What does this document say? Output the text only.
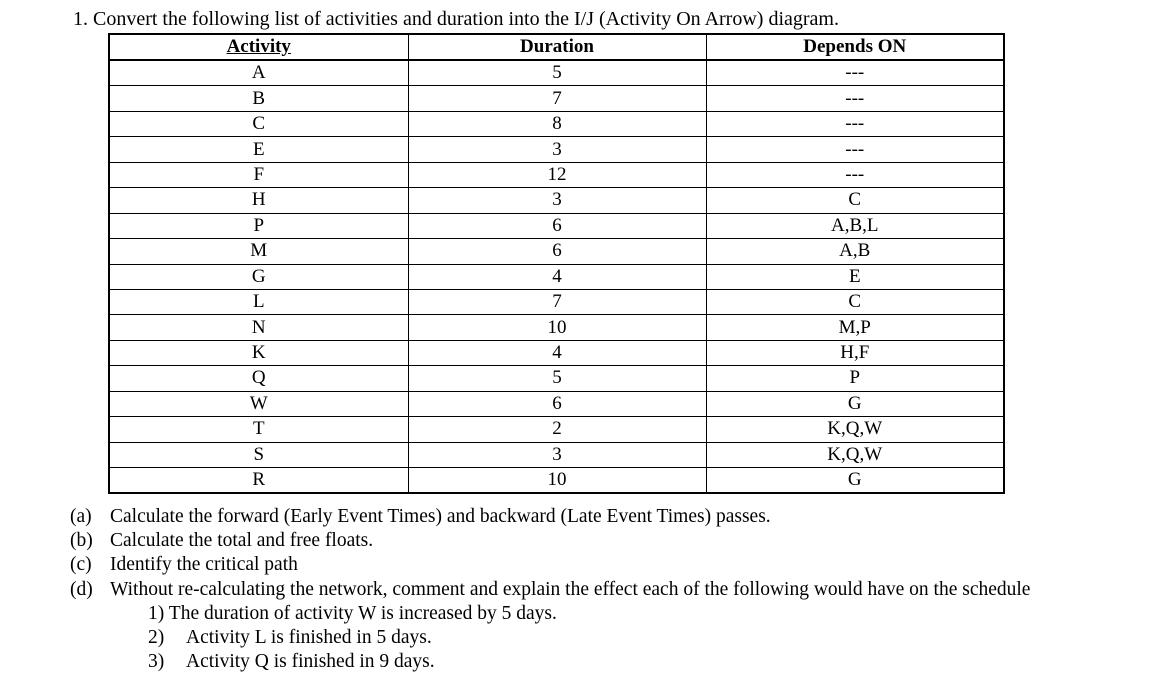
1. Convert the following list of activities and duration into the I/J (Activity On Arrow) diagram.
Activity	Duration	Depends ON
A	5	---
B	7	---
C	8	---
E	3	---
F	12	---
H	3	C
P	6	A,B,L
M	6	A,B
G	4	E
L	7	C
N	10	M,P
K	4	H,F
Q	5	P
W	6	G
T	2	K,Q,W
S	3	K,Q,W
R	10	G
(a) Calculate the forward (Early Event Times) and backward (Late Event Times) passes.
(b) Calculate the total and free floats.
(c) Identify the critical path
(d) Without re-calculating the network, comment and explain the effect each of the following would have on the schedule
1) The duration of activity W is increased by 5 days.
2) Activity L is finished in 5 days.
3) Activity Q is finished in 9 days.
